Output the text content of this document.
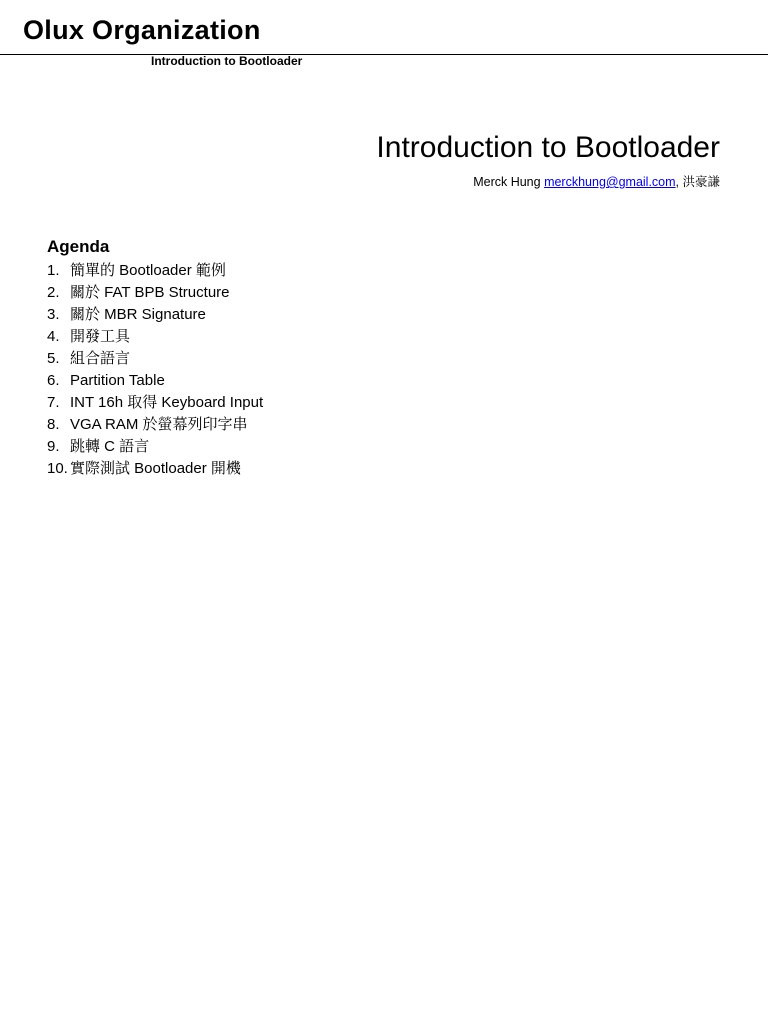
Olux Organization
Introduction to Bootloader
Introduction to Bootloader
Merck Hung merckhung@gmail.com, 洪豪謙
Agenda
1. 簡單的 Bootloader 範例
2. 關於 FAT BPB Structure
3. 關於 MBR Signature
4. 開發工具
5. 組合語言
6. Partition Table
7. INT 16h 取得 Keyboard Input
8. VGA RAM 於螢幕列印字串
9. 跳轉 C 語言
10. 實際測試 Bootloader 開機
